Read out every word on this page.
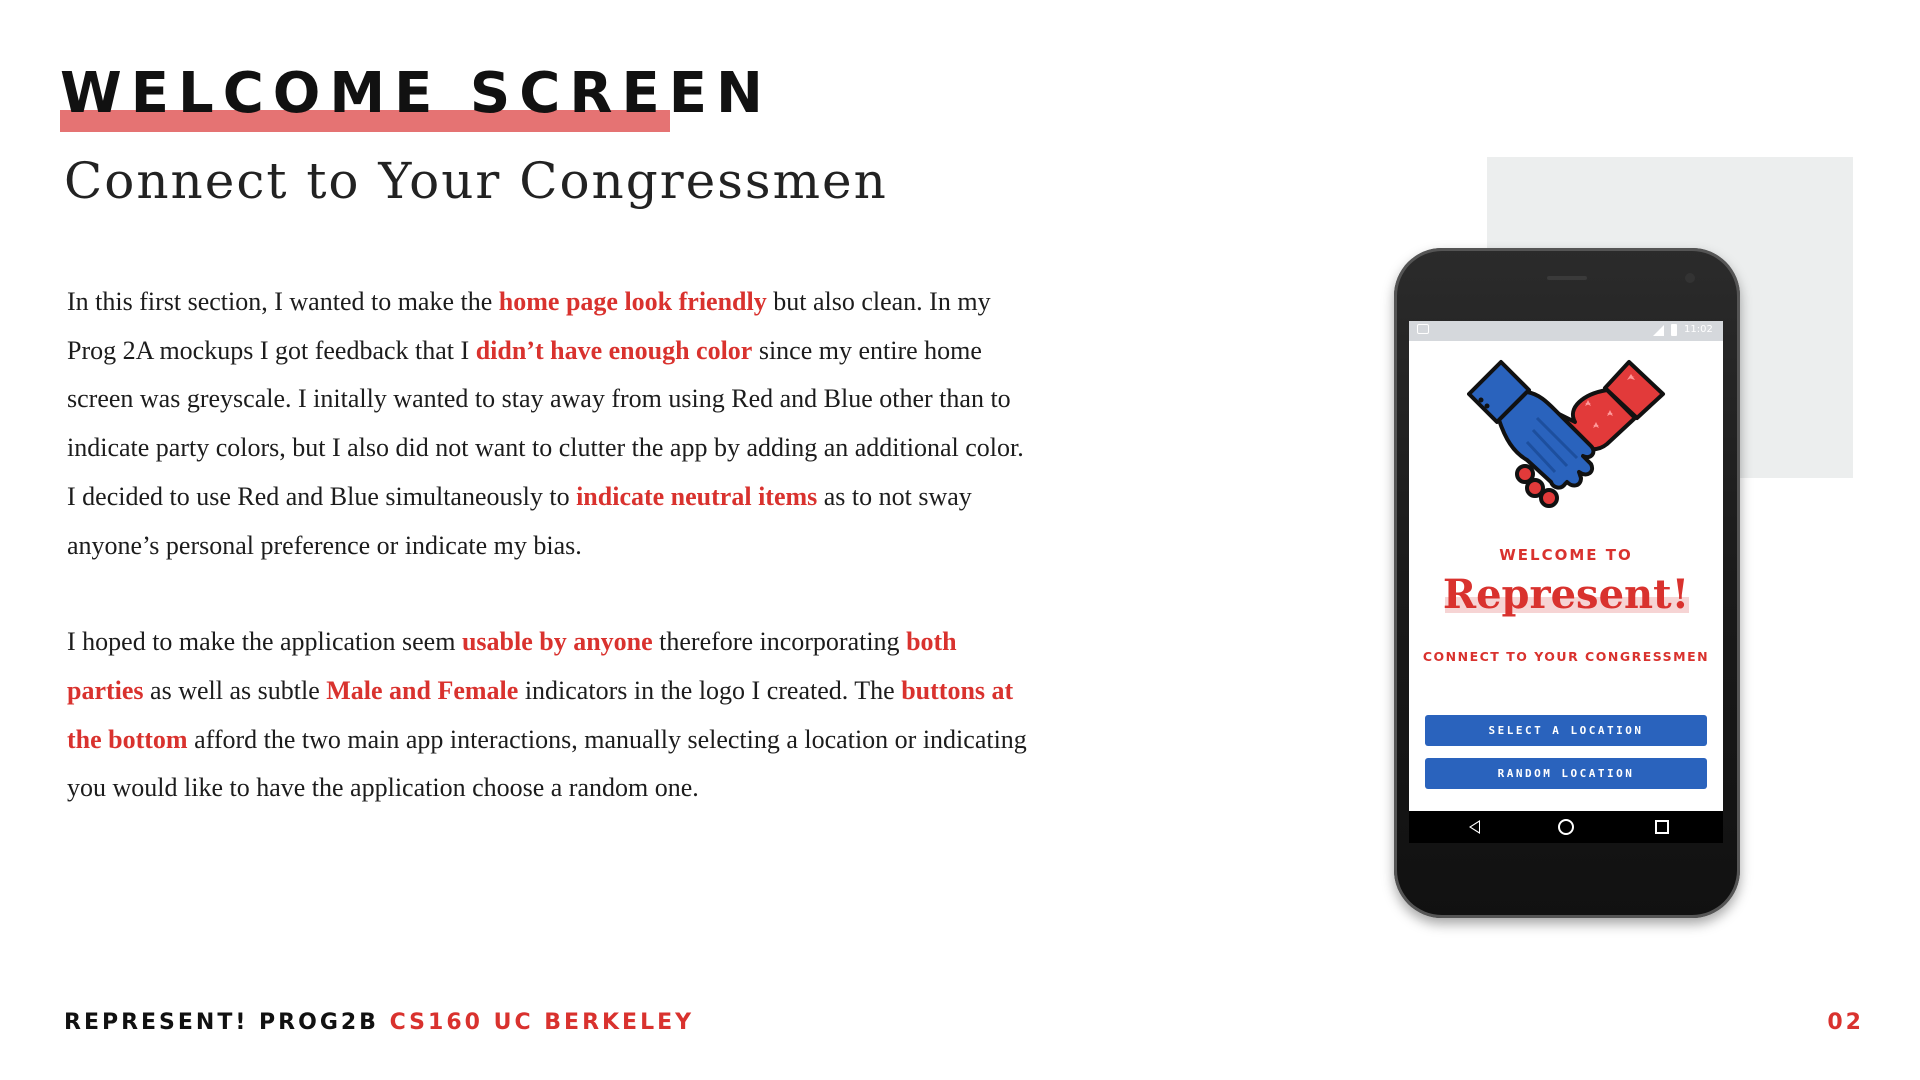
WELCOME SCREEN
Connect to Your Congressmen

In this first section, I wanted to make the home page look friendly but also clean. In my Prog 2A mockups I got feedback that I didn’t have enough color since my entire home screen was greyscale. I initally wanted to stay away from using Red and Blue other than to indicate party colors, but I also did not want to clutter the app by adding an additional color. I decided to use Red and Blue simultaneously to indicate neutral items as to not sway anyone’s personal preference or indicate my bias.

I hoped to make the application seem usable by anyone therefore incorporating both parties as well as subtle Male and Female indicators in the logo I created. The buttons at the bottom afford the two main app interactions, manually selecting a location or indicating you would like to have the application choose a random one.

11:02
WELCOME TO
Represent!
CONNECT TO YOUR CONGRESSMEN
SELECT A LOCATION
RANDOM LOCATION
REPRESENT! PROG2B CS160 UC BERKELEY	02
